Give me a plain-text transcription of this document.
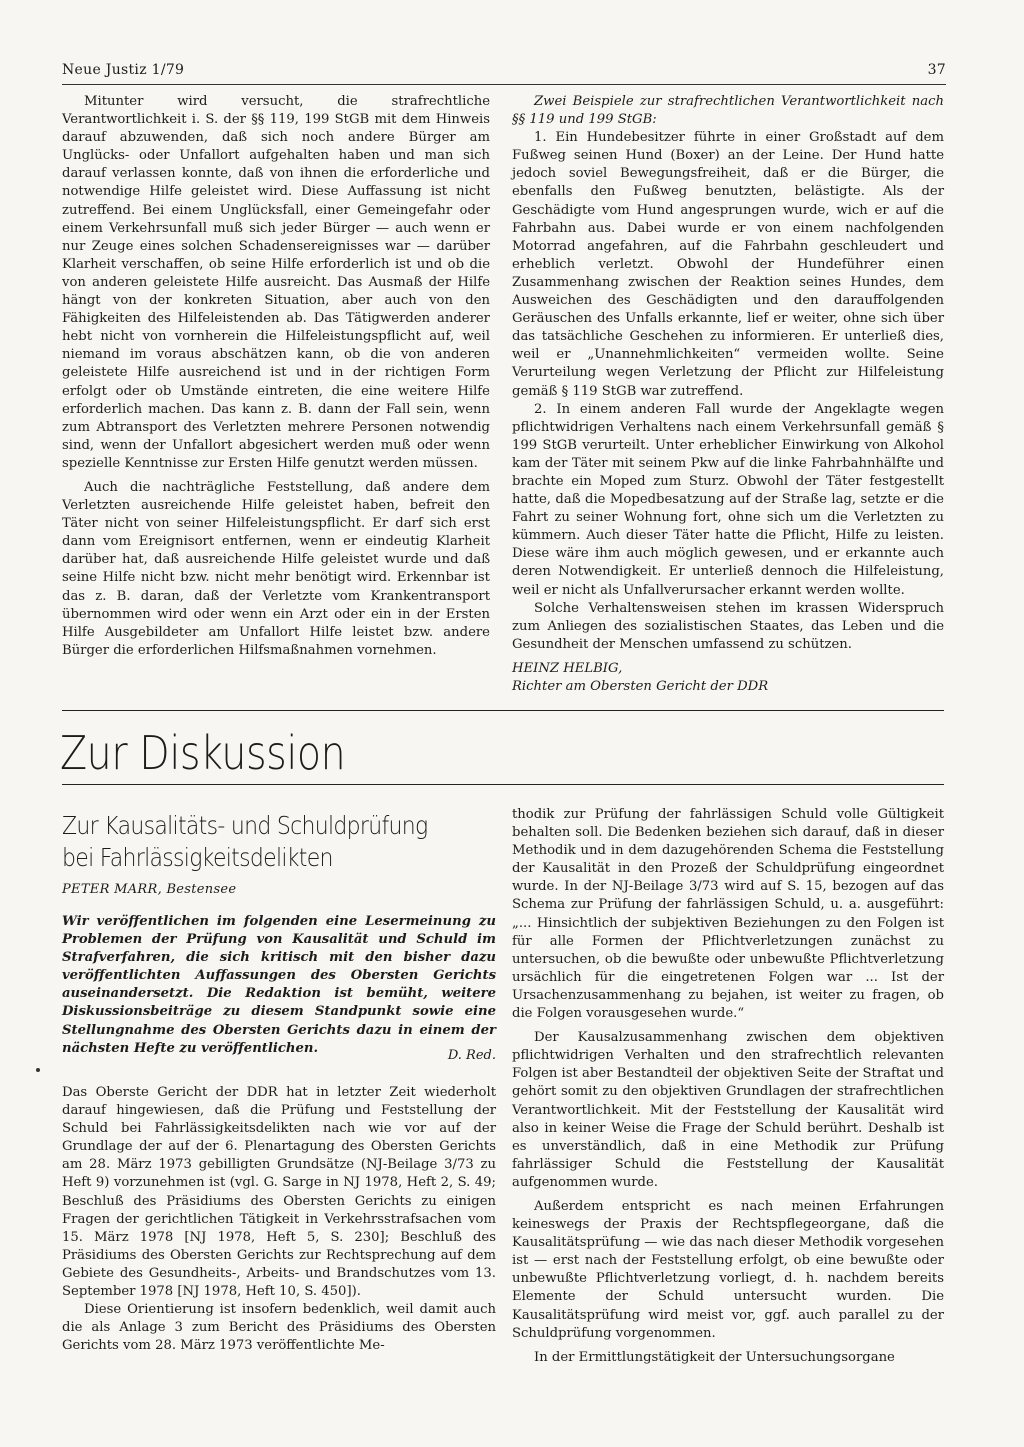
Neue Justiz 1/79	37

Mitunter wird versucht, die strafrechtliche Verantwortlichkeit i. S. der §§ 119, 199 StGB mit dem Hinweis darauf abzuwenden, daß sich noch andere Bürger am Unglücks- oder Unfallort aufgehalten haben und man sich darauf verlassen konnte, daß von ihnen die erforderliche und notwendige Hilfe geleistet wird. Diese Auffassung ist nicht zutreffend. Bei einem Unglücksfall, einer Gemeingefahr oder einem Verkehrsunfall muß sich jeder Bürger — auch wenn er nur Zeuge eines solchen Schadensereignisses war — darüber Klarheit verschaffen, ob seine Hilfe erforderlich ist und ob die von anderen geleistete Hilfe ausreicht. Das Ausmaß der Hilfe hängt von der konkreten Situation, aber auch von den Fähigkeiten des Hilfeleistenden ab. Das Tätigwerden anderer hebt nicht von vornherein die Hilfeleistungspflicht auf, weil niemand im voraus abschätzen kann, ob die von anderen geleistete Hilfe ausreichend ist und in der richtigen Form erfolgt oder ob Umstände eintreten, die eine weitere Hilfe erforderlich machen. Das kann z. B. dann der Fall sein, wenn zum Abtransport des Verletzten mehrere Personen notwendig sind, wenn der Unfallort abgesichert werden muß oder wenn spezielle Kenntnisse zur Ersten Hilfe genutzt werden müssen.

Auch die nachträgliche Feststellung, daß andere dem Verletzten ausreichende Hilfe geleistet haben, befreit den Täter nicht von seiner Hilfeleistungspflicht. Er darf sich erst dann vom Ereignisort entfernen, wenn er eindeutig Klarheit darüber hat, daß ausreichende Hilfe geleistet wurde und daß seine Hilfe nicht bzw. nicht mehr benötigt wird. Erkennbar ist das z. B. daran, daß der Verletzte vom Krankentransport übernommen wird oder wenn ein Arzt oder ein in der Ersten Hilfe Ausgebildeter am Unfallort Hilfe leistet bzw. andere Bürger die erforderlichen Hilfsmaßnahmen vornehmen.

Zwei Beispiele zur strafrechtlichen Verantwortlichkeit nach §§ 119 und 199 StGB:

1. Ein Hundebesitzer führte in einer Großstadt auf dem Fußweg seinen Hund (Boxer) an der Leine. Der Hund hatte jedoch soviel Bewegungsfreiheit, daß er die Bürger, die ebenfalls den Fußweg benutzten, belästigte. Als der Geschädigte vom Hund angesprungen wurde, wich er auf die Fahrbahn aus. Dabei wurde er von einem nachfolgenden Motorrad angefahren, auf die Fahrbahn geschleudert und erheblich verletzt. Obwohl der Hundeführer einen Zusammenhang zwischen der Reaktion seines Hundes, dem Ausweichen des Geschädigten und den darauffolgenden Geräuschen des Unfalls erkannte, lief er weiter, ohne sich über das tatsächliche Geschehen zu informieren. Er unterließ dies, weil er „Unannehmlichkeiten“ vermeiden wollte. Seine Verurteilung wegen Verletzung der Pflicht zur Hilfeleistung gemäß § 119 StGB war zutreffend.

2. In einem anderen Fall wurde der Angeklagte wegen pflichtwidrigen Verhaltens nach einem Verkehrsunfall gemäß § 199 StGB verurteilt. Unter erheblicher Einwirkung von Alkohol kam der Täter mit seinem Pkw auf die linke Fahrbahnhälfte und brachte ein Moped zum Sturz. Obwohl der Täter festgestellt hatte, daß die Mopedbesatzung auf der Straße lag, setzte er die Fahrt zu seiner Wohnung fort, ohne sich um die Verletzten zu kümmern. Auch dieser Täter hatte die Pflicht, Hilfe zu leisten. Diese wäre ihm auch möglich gewesen, und er erkannte auch deren Notwendigkeit. Er unterließ dennoch die Hilfeleistung, weil er nicht als Unfallverursacher erkannt werden wollte.

Solche Verhaltensweisen stehen im krassen Widerspruch zum Anliegen des sozialistischen Staates, das Leben und die Gesundheit der Menschen umfassend zu schützen.

HEINZ HELBIG,

Richter am Obersten Gericht der DDR

Zur Diskussion
Zur Kausalitäts- und Schuldprüfung
bei Fahrlässigkeitsdelikten
PETER MARR, Bestensee
Wir veröffentlichen im folgenden eine Lesermeinung zu Problemen der Prüfung von Kausalität und Schuld im Strafverfahren, die sich kritisch mit den bisher dazu veröffentlichten Auffassungen des Obersten Gerichts auseinandersetzt. Die Redaktion ist bemüht, weitere Diskussionsbeiträge zu diesem Standpunkt sowie eine Stellungnahme des Obersten Gerichts dazu in einem der nächsten Hefte zu veröffentlichen.	D. Red.

Das Oberste Gericht der DDR hat in letzter Zeit wiederholt darauf hingewiesen, daß die Prüfung und Feststellung der Schuld bei Fahrlässigkeitsdelikten nach wie vor auf der Grundlage der auf der 6. Plenartagung des Obersten Gerichts am 28. März 1973 gebilligten Grundsätze (NJ-Beilage 3/73 zu Heft 9) vorzunehmen ist (vgl. G. Sarge in NJ 1978, Heft 2, S. 49; Beschluß des Präsidiums des Obersten Gerichts zu einigen Fragen der gerichtlichen Tätigkeit in Verkehrsstrafsachen vom 15. März 1978 [NJ 1978, Heft 5, S. 230]; Beschluß des Präsidiums des Obersten Gerichts zur Rechtsprechung auf dem Gebiete des Gesundheits-, Arbeits- und Brandschutzes vom 13. September 1978 [NJ 1978, Heft 10, S. 450]).

Diese Orientierung ist insofern bedenklich, weil damit auch die als Anlage 3 zum Bericht des Präsidiums des Obersten Gerichts vom 28. März 1973 veröffentlichte Me-

thodik zur Prüfung der fahrlässigen Schuld volle Gültigkeit behalten soll. Die Bedenken beziehen sich darauf, daß in dieser Methodik und in dem dazugehörenden Schema die Feststellung der Kausalität in den Prozeß der Schuldprüfung eingeordnet wurde. In der NJ-Beilage 3/73 wird auf S. 15, bezogen auf das Schema zur Prüfung der fahrlässigen Schuld, u. a. ausgeführt: „... Hinsichtlich der subjektiven Beziehungen zu den Folgen ist für alle Formen der Pflichtverletzungen zunächst zu untersuchen, ob die bewußte oder unbewußte Pflichtverletzung ursächlich für die eingetretenen Folgen war ... Ist der Ursachenzusammenhang zu bejahen, ist weiter zu fragen, ob die Folgen vorausgesehen wurde.“

Der Kausalzusammenhang zwischen dem objektiven pflichtwidrigen Verhalten und den strafrechtlich relevanten Folgen ist aber Bestandteil der objektiven Seite der Straftat und gehört somit zu den objektiven Grundlagen der strafrechtlichen Verantwortlichkeit. Mit der Feststellung der Kausalität wird also in keiner Weise die Frage der Schuld berührt. Deshalb ist es unverständlich, daß in eine Methodik zur Prüfung fahrlässiger Schuld die Feststellung der Kausalität aufgenommen wurde.

Außerdem entspricht es nach meinen Erfahrungen keineswegs der Praxis der Rechtspflegeorgane, daß die Kausalitätsprüfung — wie das nach dieser Methodik vorgesehen ist — erst nach der Feststellung erfolgt, ob eine bewußte oder unbewußte Pflichtverletzung vorliegt, d. h. nachdem bereits Elemente der Schuld untersucht wurden. Die Kausalitätsprüfung wird meist vor, ggf. auch parallel zu der Schuldprüfung vorgenommen.

In der Ermittlungstätigkeit der Untersuchungsorgane
